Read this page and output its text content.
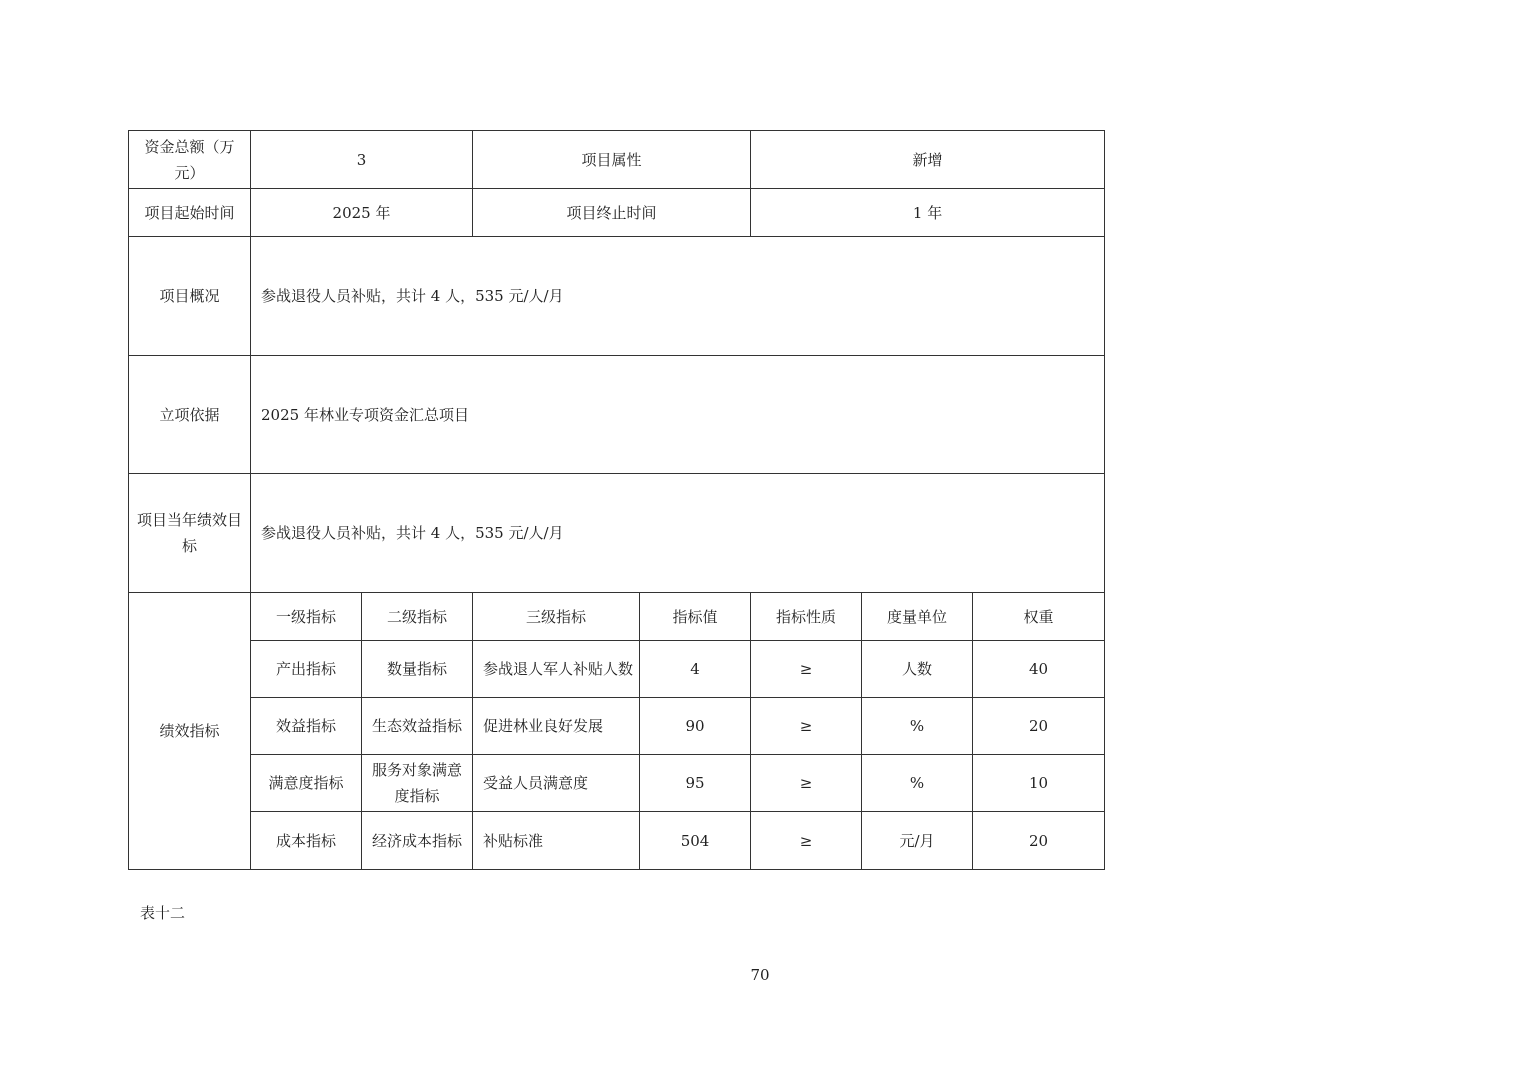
资金总额（万元）	3		项目属性		新增		
项目起始时间	2025 年		项目终止时间		1 年		
项目概况	参战退役人员补贴，共计 4 人，535 元/人/月						
立项依据	2025 年林业专项资金汇总项目						
项目当年绩效目标	参战退役人员补贴，共计 4 人，535 元/人/月						
绩效指标	一级指标	二级指标	三级指标	指标值	指标性质	度量单位	权重
	产出指标	数量指标	参战退人军人补贴人数	4	≥	人数	40
	效益指标	生态效益指标	促进林业良好发展	90	≥	%	20
	满意度指标	服务对象满意度指标	受益人员满意度	95	≥	%	10
	成本指标	经济成本指标	补贴标准	504	≥	元/月	20
表十二
70
